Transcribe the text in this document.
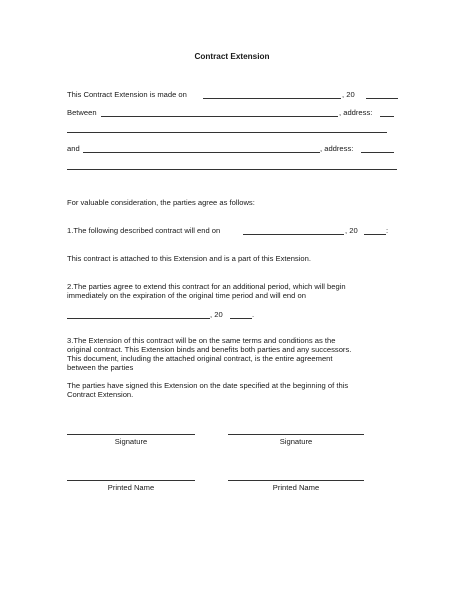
Contract Extension
This Contract Extension is made on	, 20
Between	, address:
and	, address:
For valuable consideration, the parties agree as follows:
1.The following described contract will end on	, 20	:
This contract is attached to this Extension and is a part of this Extension.
2.The parties agree to extend this contract for an additional period, which will begin
immediately on the expiration of the original time period and will end on
, 20	.
3.The Extension of this contract will be on the same terms and conditions as the
original contract. This Extension binds and benefits both parties and any successors.
This document, including the attached original contract, is the entire agreement
between the parties
The parties have signed this Extension on the date specified at the beginning of this
Contract Extension.
Signature	Signature
Printed Name	Printed Name
